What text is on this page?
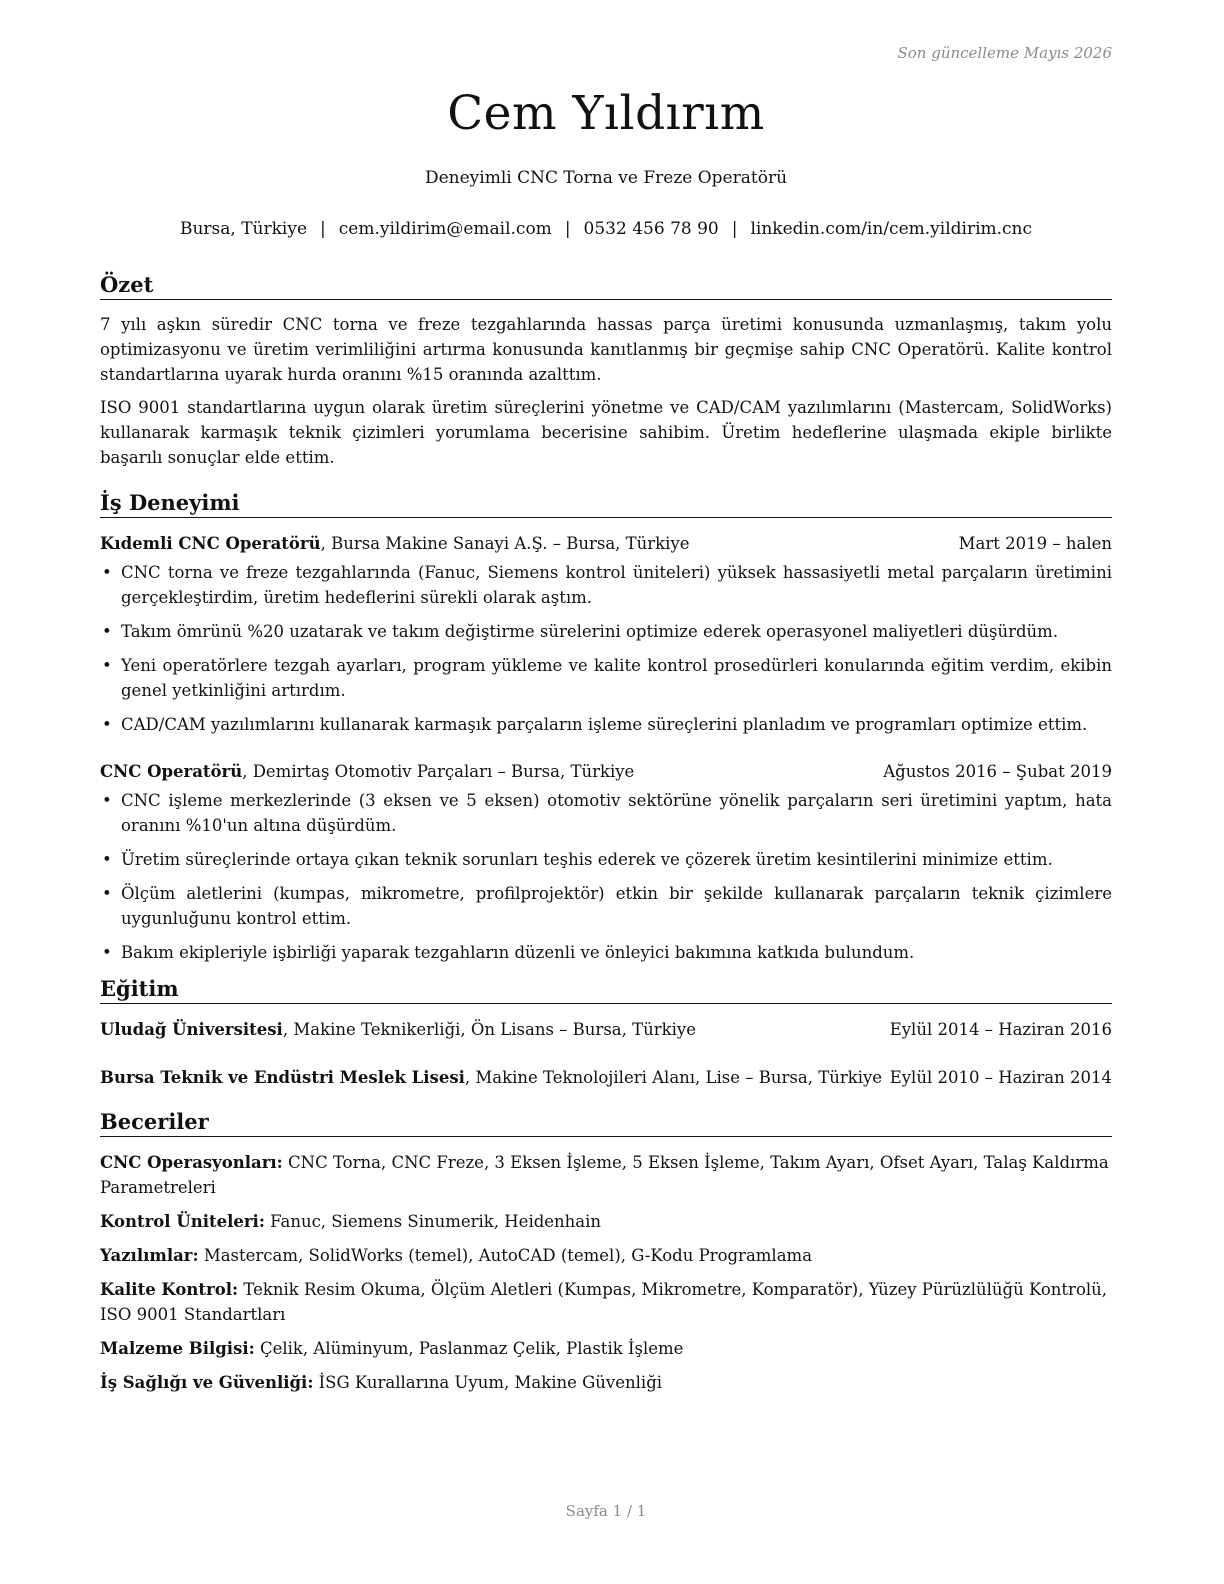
Son güncelleme Mayıs 2026
Cem Yıldırım
Deneyimli CNC Torna ve Freze Operatörü
Bursa, Türkiye | cem.yildirim@email.com | 0532 456 78 90 | linkedin.com/in/cem.yildirim.cnc
Özet

7 yılı aşkın süredir CNC torna ve freze tezgahlarında hassas parça üretimi konusunda uzmanlaşmış, takım yolu optimizasyonu ve üretim verimliliğini artırma konusunda kanıtlanmış bir geçmişe sahip CNC Operatörü. Kalite kontrol standartlarına uyarak hurda oranını %15 oranında azalttım.

ISO 9001 standartlarına uygun olarak üretim süreçlerini yönetme ve CAD/CAM yazılımlarını (Mastercam, SolidWorks) kullanarak karmaşık teknik çizimleri yorumlama becerisine sahibim. Üretim hedeflerine ulaşmada ekiple birlikte başarılı sonuçlar elde ettim.

İş Deneyimi
Kıdemli CNC Operatörü, Bursa Makine Sanayi A.Ş. – Bursa, Türkiye	Mart 2019 – halen
• CNC torna ve freze tezgahlarında (Fanuc, Siemens kontrol üniteleri) yüksek hassasiyetli metal parçaların üretimini gerçekleştirdim, üretim hedeflerini sürekli olarak aştım.
• Takım ömrünü %20 uzatarak ve takım değiştirme sürelerini optimize ederek operasyonel maliyetleri düşürdüm.
• Yeni operatörlere tezgah ayarları, program yükleme ve kalite kontrol prosedürleri konularında eğitim verdim, ekibin genel yetkinliğini artırdım.
• CAD/CAM yazılımlarını kullanarak karmaşık parçaların işleme süreçlerini planladım ve programları optimize ettim.
CNC Operatörü, Demirtaş Otomotiv Parçaları – Bursa, Türkiye	Ağustos 2016 – Şubat 2019
• CNC işleme merkezlerinde (3 eksen ve 5 eksen) otomotiv sektörüne yönelik parçaların seri üretimini yaptım, hata oranını %10'un altına düşürdüm.
• Üretim süreçlerinde ortaya çıkan teknik sorunları teşhis ederek ve çözerek üretim kesintilerini minimize ettim.
• Ölçüm aletlerini (kumpas, mikrometre, profilprojektör) etkin bir şekilde kullanarak parçaların teknik çizimlere uygunluğunu kontrol ettim.
• Bakım ekipleriyle işbirliği yaparak tezgahların düzenli ve önleyici bakımına katkıda bulundum.
Eğitim
Uludağ Üniversitesi, Makine Teknikerliği, Ön Lisans – Bursa, Türkiye	Eylül 2014 – Haziran 2016
Bursa Teknik ve Endüstri Meslek Lisesi, Makine Teknolojileri Alanı, Lise – Bursa, Türkiye Eylül 2010 – Haziran 2014
Beceriler
CNC Operasyonları: CNC Torna, CNC Freze, 3 Eksen İşleme, 5 Eksen İşleme, Takım Ayarı, Ofset Ayarı, Talaş Kaldırma Parametreleri
Kontrol Üniteleri: Fanuc, Siemens Sinumerik, Heidenhain
Yazılımlar: Mastercam, SolidWorks (temel), AutoCAD (temel), G-Kodu Programlama
Kalite Kontrol: Teknik Resim Okuma, Ölçüm Aletleri (Kumpas, Mikrometre, Komparatör), Yüzey Pürüzlülüğü Kontrolü, ISO 9001 Standartları
Malzeme Bilgisi: Çelik, Alüminyum, Paslanmaz Çelik, Plastik İşleme
İş Sağlığı ve Güvenliği: İSG Kurallarına Uyum, Makine Güvenliği
Sayfa 1 / 1
